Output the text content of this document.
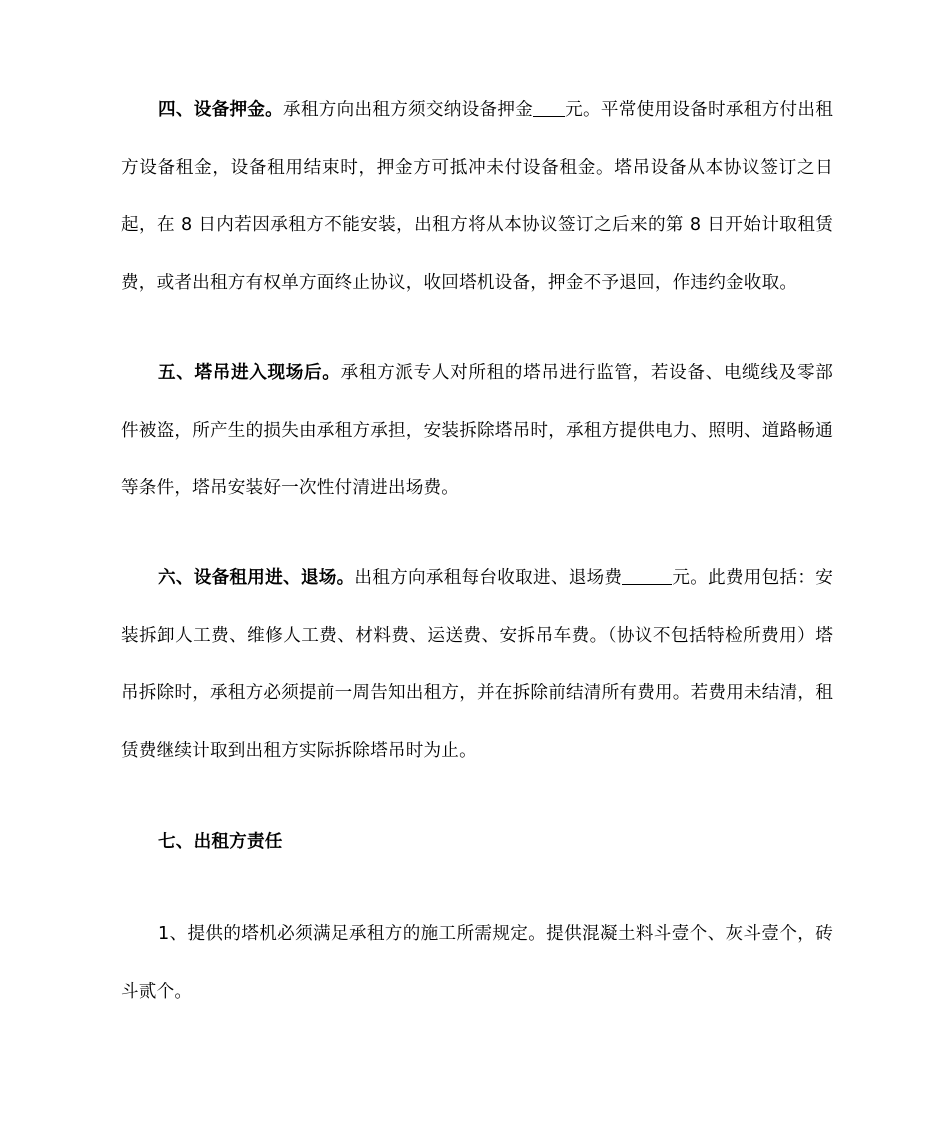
四、设备押金。承租方向出租方须交纳设备押金 元。平常使用设备时承租方付出租方设备租金，设备租用结束时，押金方可抵冲未付设备租金。塔吊设备从本协议签订之日起，在 8 日内若因承租方不能安装，出租方将从本协议签订之后来的第 8 日开始计取租赁费，或者出租方有权单方面终止协议，收回塔机设备，押金不予退回，作违约金收取。

五、塔吊进入现场后。承租方派专人对所租的塔吊进行监管，若设备、电缆线及零部件被盗，所产生的损失由承租方承担，安装拆除塔吊时，承租方提供电力、照明、道路畅通等条件，塔吊安装好一次性付清进出场费。

六、设备租用进、退场。出租方向承租每台收取进、退场费	元。此费用包括：安装拆卸人工费、维修人工费、材料费、运送费、安拆吊车费。（协议不包括特检所费用）塔吊拆除时，承租方必须提前一周告知出租方，并在拆除前结清所有费用。若费用未结清，租赁费继续计取到出租方实际拆除塔吊时为止。

七、出租方责任

1、提供的塔机必须满足承租方的施工所需规定。提供混凝土料斗壹个、灰斗壹个，砖斗贰个。
